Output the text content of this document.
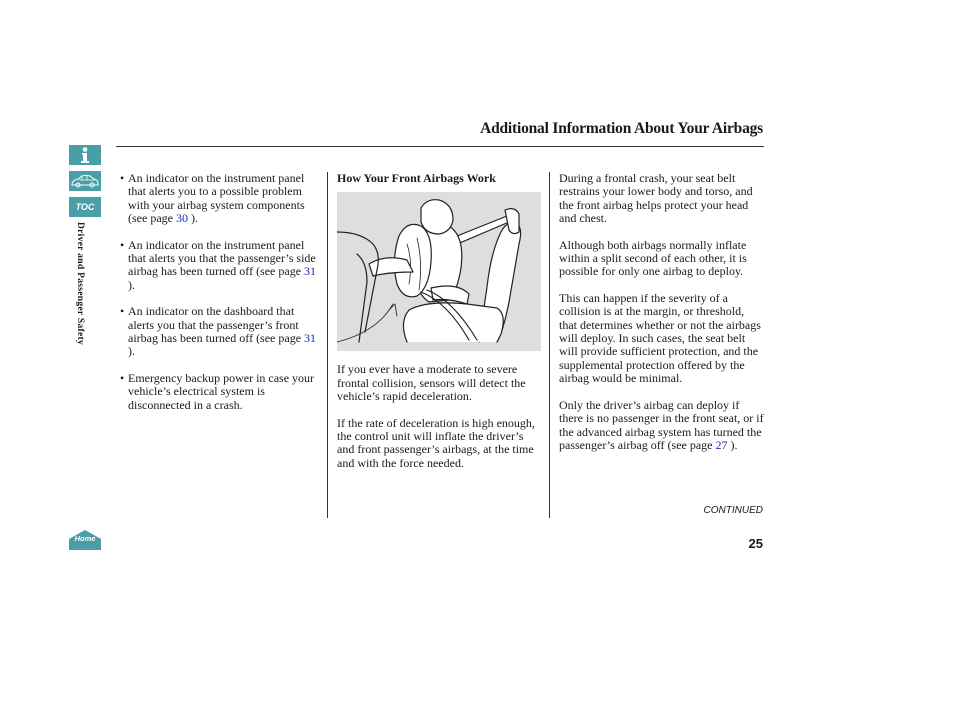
TOC
Driver and Passenger Safety
Home
Additional Information About Your Airbags
• An indicator on the instrument panel that alerts you to a possible problem with your airbag system components (see page 30 ).
• An indicator on the instrument panel that alerts you that the passenger’s side airbag has been turned off (see page 31 ).
• An indicator on the dashboard that alerts you that the passenger’s front airbag has been turned off (see page 31 ).
• Emergency backup power in case your vehicle’s electrical system is disconnected in a crash.
How Your Front Airbags Work

If you ever have a moderate to severe frontal collision, sensors will detect the vehicle’s rapid deceleration.

If the rate of deceleration is high enough, the control unit will inflate the driver’s and front passenger’s airbags, at the time and with the force needed.

During a frontal crash, your seat belt restrains your lower body and torso, and the front airbag helps protect your head and chest.

Although both airbags normally inflate within a split second of each other, it is possible for only one airbag to deploy.

This can happen if the severity of a collision is at the margin, or threshold, that determines whether or not the airbags will deploy. In such cases, the seat belt will provide sufficient protection, and the supplemental protection offered by the airbag would be minimal.

Only the driver’s airbag can deploy if there is no passenger in the front seat, or if the advanced airbag system has turned the passenger’s airbag off (see page 27 ).

CONTINUED
25
